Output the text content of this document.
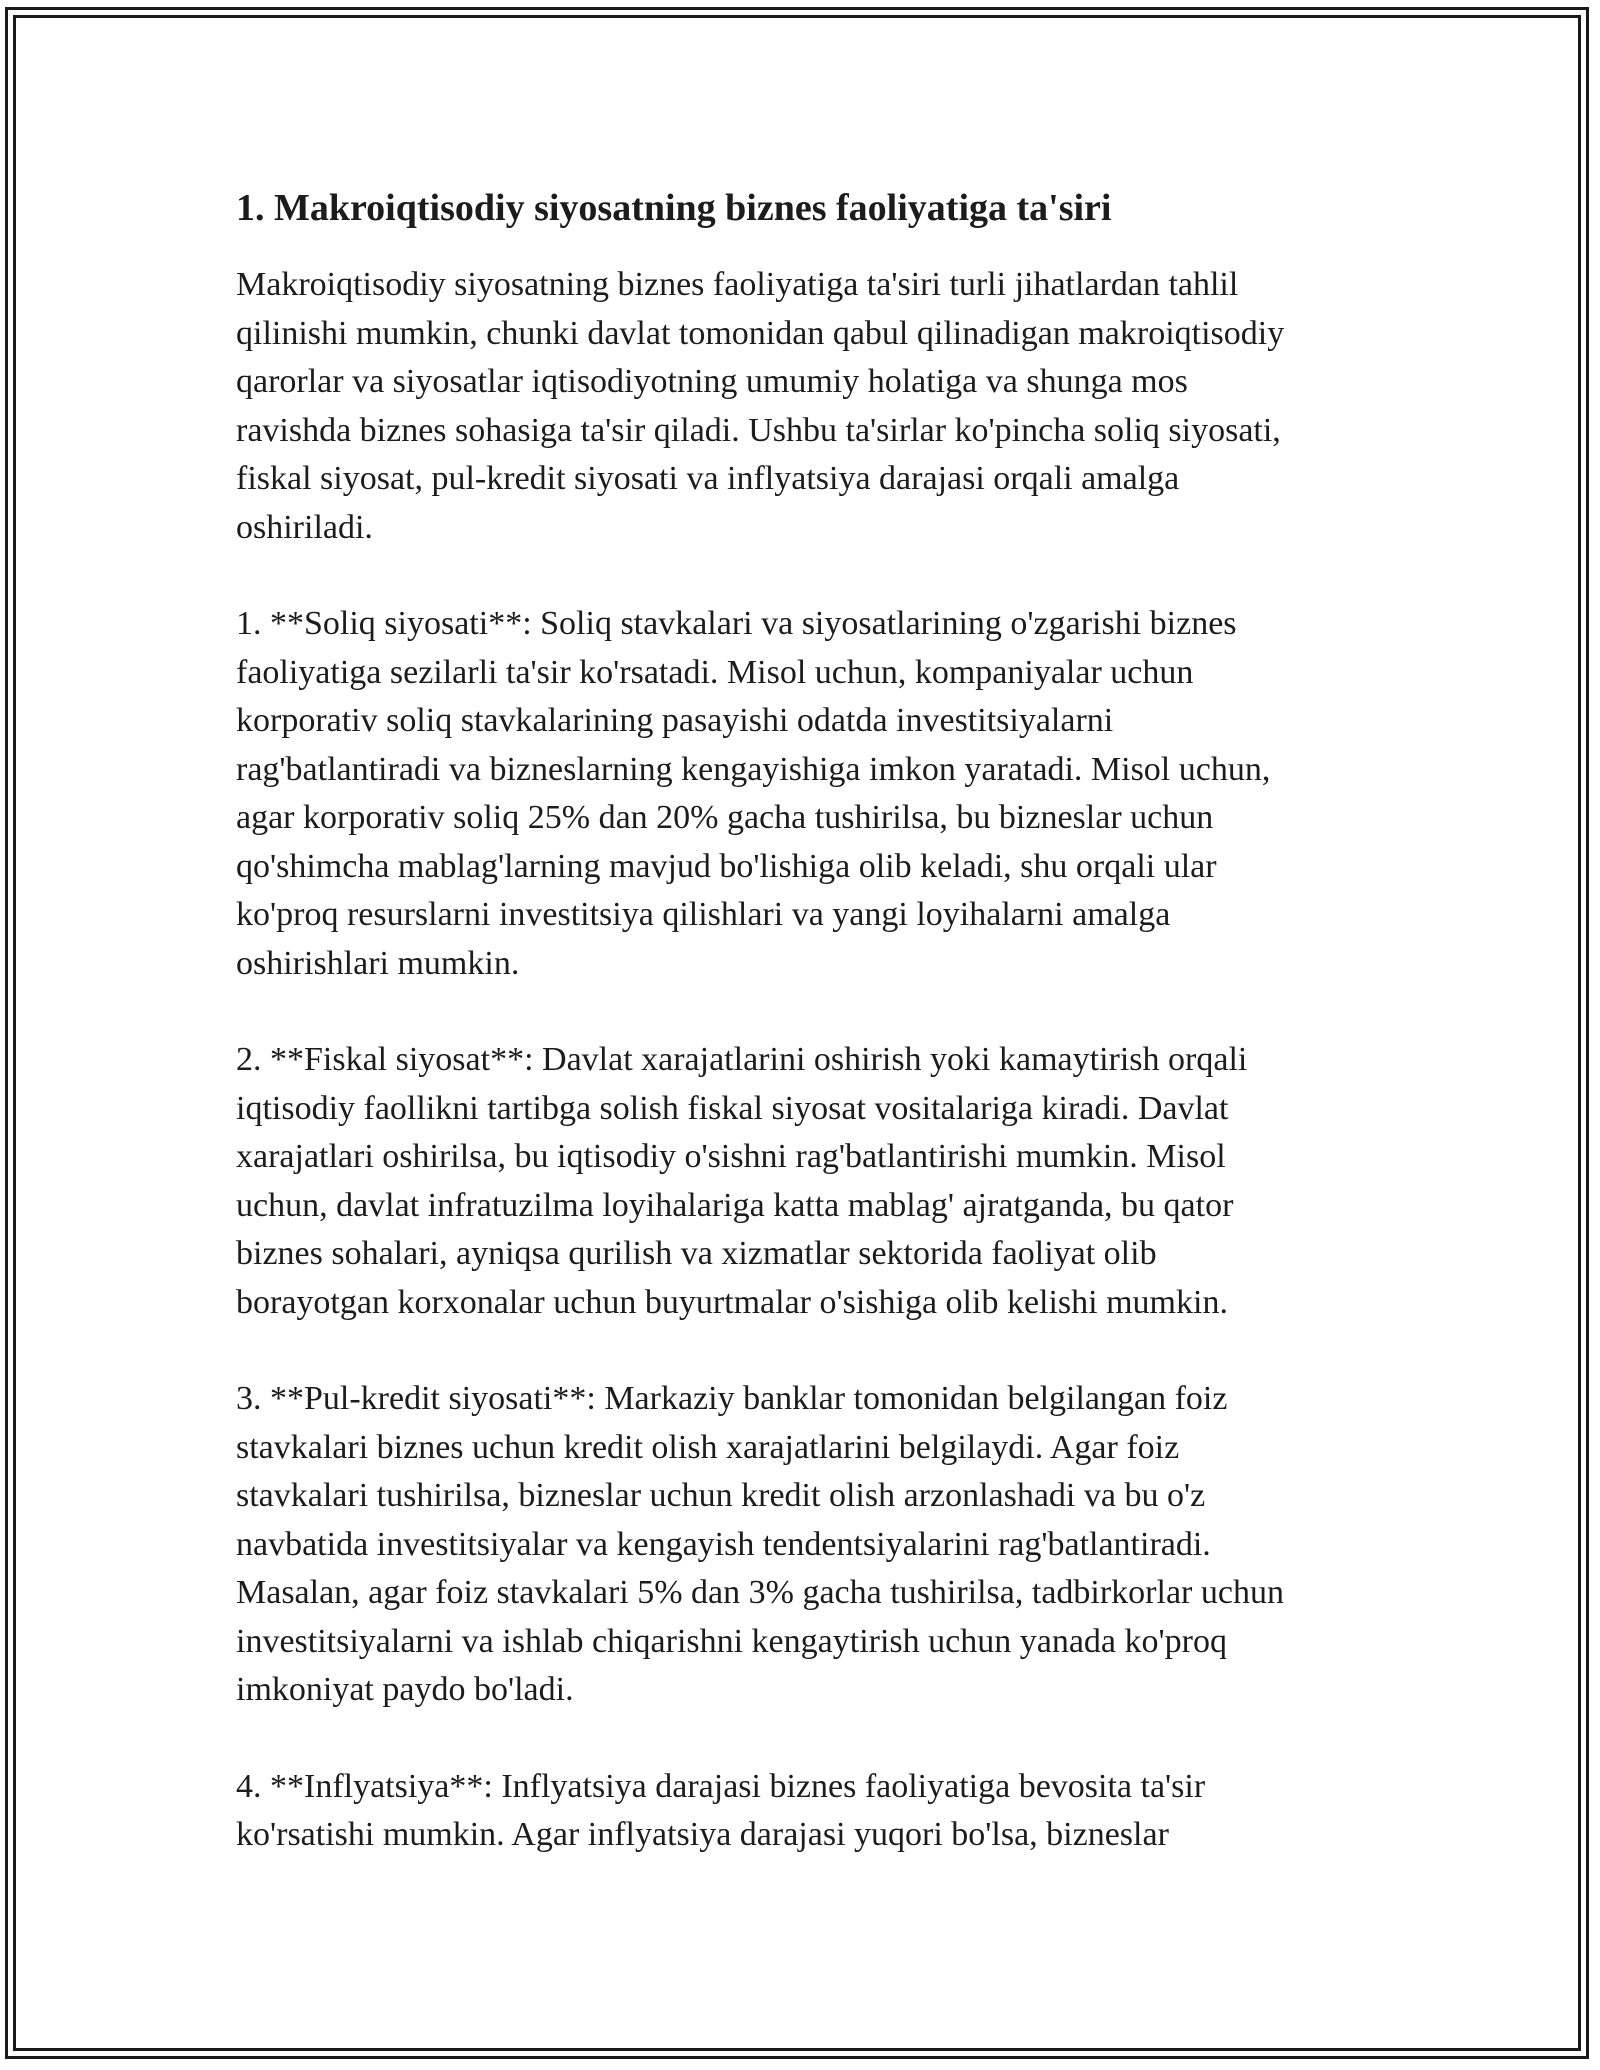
1. Makroiqtisodiy siyosatning biznes faoliyatiga ta'siri

Makroiqtisodiy siyosatning biznes faoliyatiga ta'siri turli jihatlardan tahlil
qilinishi mumkin, chunki davlat tomonidan qabul qilinadigan makroiqtisodiy
qarorlar va siyosatlar iqtisodiyotning umumiy holatiga va shunga mos
ravishda biznes sohasiga ta'sir qiladi. Ushbu ta'sirlar ko'pincha soliq siyosati,
fiskal siyosat, pul-kredit siyosati va inflyatsiya darajasi orqali amalga
oshiriladi.

1. **Soliq siyosati**: Soliq stavkalari va siyosatlarining o'zgarishi biznes
faoliyatiga sezilarli ta'sir ko'rsatadi. Misol uchun, kompaniyalar uchun
korporativ soliq stavkalarining pasayishi odatda investitsiyalarni
rag'batlantiradi va bizneslarning kengayishiga imkon yaratadi. Misol uchun,
agar korporativ soliq 25% dan 20% gacha tushirilsa, bu bizneslar uchun
qo'shimcha mablag'larning mavjud bo'lishiga olib keladi, shu orqali ular
ko'proq resurslarni investitsiya qilishlari va yangi loyihalarni amalga
oshirishlari mumkin.

2. **Fiskal siyosat**: Davlat xarajatlarini oshirish yoki kamaytirish orqali
iqtisodiy faollikni tartibga solish fiskal siyosat vositalariga kiradi. Davlat
xarajatlari oshirilsa, bu iqtisodiy o'sishni rag'batlantirishi mumkin. Misol
uchun, davlat infratuzilma loyihalariga katta mablag' ajratganda, bu qator
biznes sohalari, ayniqsa qurilish va xizmatlar sektorida faoliyat olib
borayotgan korxonalar uchun buyurtmalar o'sishiga olib kelishi mumkin.

3. **Pul-kredit siyosati**: Markaziy banklar tomonidan belgilangan foiz
stavkalari biznes uchun kredit olish xarajatlarini belgilaydi. Agar foiz
stavkalari tushirilsa, bizneslar uchun kredit olish arzonlashadi va bu o'z
navbatida investitsiyalar va kengayish tendentsiyalarini rag'batlantiradi.
Masalan, agar foiz stavkalari 5% dan 3% gacha tushirilsa, tadbirkorlar uchun
investitsiyalarni va ishlab chiqarishni kengaytirish uchun yanada ko'proq
imkoniyat paydo bo'ladi.

4. **Inflyatsiya**: Inflyatsiya darajasi biznes faoliyatiga bevosita ta'sir
ko'rsatishi mumkin. Agar inflyatsiya darajasi yuqori bo'lsa, bizneslar
